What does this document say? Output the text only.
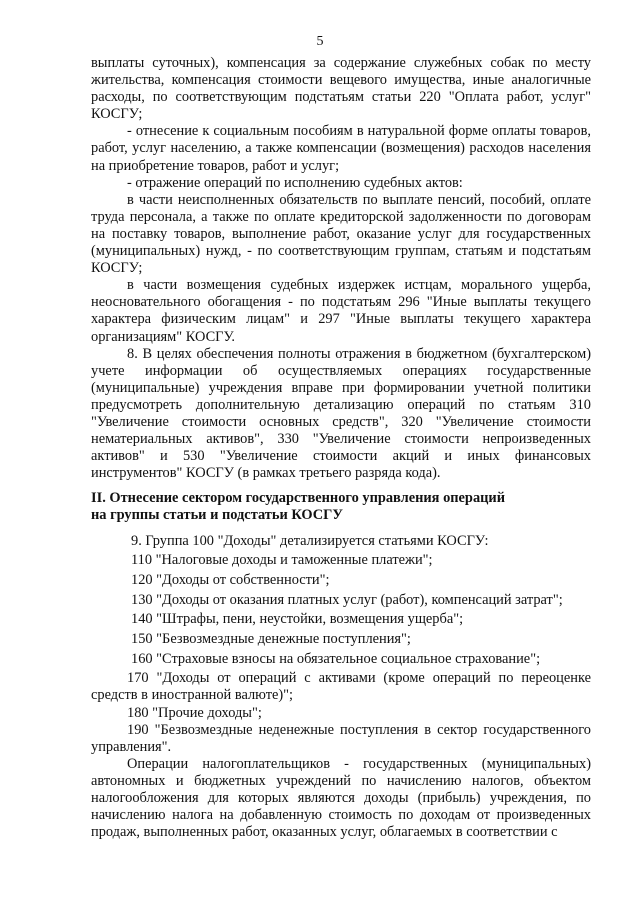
5

выплаты суточных), компенсация за содержание служебных собак по месту жительства, компенсация стоимости вещевого имущества, иные аналогичные расходы, по соответствующим подстатьям статьи 220 "Оплата работ, услуг" КОСГУ;

- отнесение к социальным пособиям в натуральной форме оплаты товаров, работ, услуг населению, а также компенсации (возмещения) расходов населения на приобретение товаров, работ и услуг;

- отражение операций по исполнению судебных актов:

в части неисполненных обязательств по выплате пенсий, пособий, оплате труда персонала, а также по оплате кредиторской задолженности по договорам на поставку товаров, выполнение работ, оказание услуг для государственных (муниципальных) нужд, - по соответствующим группам, статьям и подстатьям КОСГУ;

в части возмещения судебных издержек истцам, морального ущерба, неосновательного обогащения - по подстатьям 296 "Иные выплаты текущего характера физическим лицам" и 297 "Иные выплаты текущего характера организациям" КОСГУ.

8. В целях обеспечения полноты отражения в бюджетном (бухгалтерском) учете информации об осуществляемых операциях государственные (муниципальные) учреждения вправе при формировании учетной политики предусмотреть дополнительную детализацию операций по статьям 310 "Увеличение стоимости основных средств", 320 "Увеличение стоимости нематериальных активов", 330 "Увеличение стоимости непроизведенных активов" и 530 "Увеличение стоимости акций и иных финансовых инструментов" КОСГУ (в рамках третьего разряда кода).

II. Отнесение сектором государственного управления операций

на группы статьи и подстатьи КОСГУ

9. Группа 100 "Доходы" детализируется статьями КОСГУ:

110 "Налоговые доходы и таможенные платежи";

120 "Доходы от собственности";

130 "Доходы от оказания платных услуг (работ), компенсаций затрат";

140 "Штрафы, пени, неустойки, возмещения ущерба";

150 "Безвозмездные денежные поступления";

160 "Страховые взносы на обязательное социальное страхование";

170 "Доходы от операций с активами (кроме операций по переоценке средств в иностранной валюте)";

180 "Прочие доходы";

190 "Безвозмездные неденежные поступления в сектор государственного управления".

Операции налогоплательщиков - государственных (муниципальных) автономных и бюджетных учреждений по начислению налогов, объектом налогообложения для которых являются доходы (прибыль) учреждения, по начислению налога на добавленную стоимость по доходам от произведенных продаж, выполненных работ, оказанных услуг, облагаемых в соответствии с
